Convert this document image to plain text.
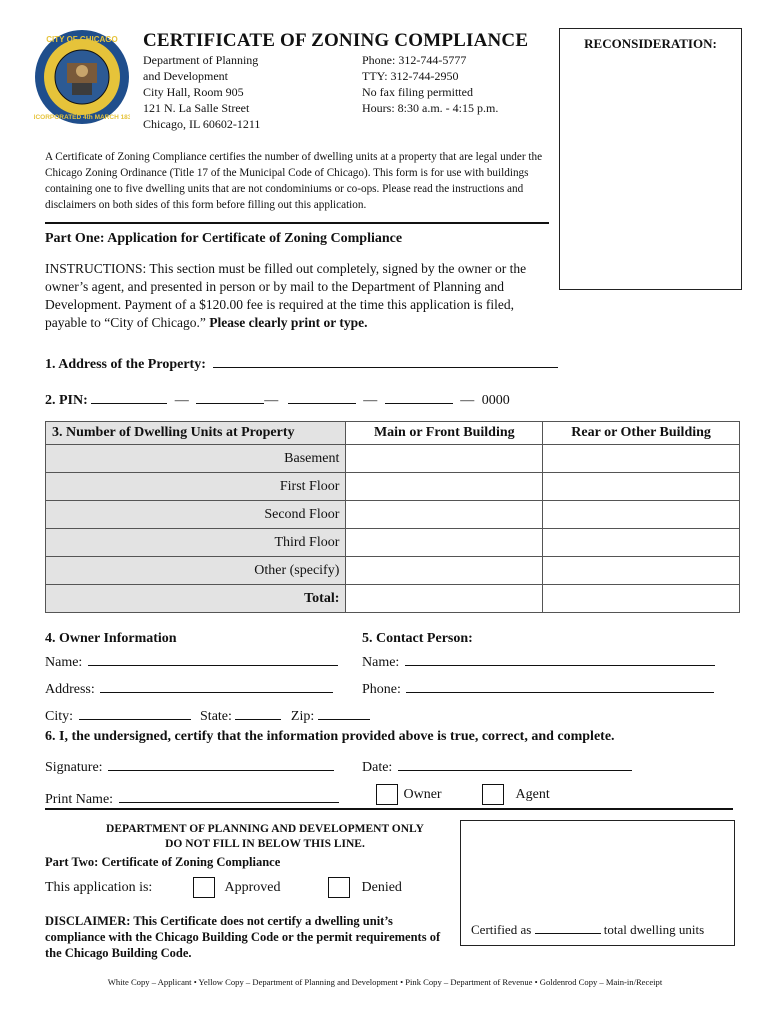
CITY OF CHICAGO
INCORPORATED 4th MARCH 1837
CERTIFICATE OF ZONING COMPLIANCE
Department of Planning
and Development
City Hall, Room 905
121 N. La Salle Street
Chicago, IL 60602-1211
Phone: 312-744-5777
TTY: 312-744-2950
No fax filing permitted
Hours: 8:30 a.m. - 4:15 p.m.
RECONSIDERATION:
A Certificate of Zoning Compliance certifies the number of dwelling units at a property that are legal under the Chicago Zoning Ordinance (Title 17 of the Municipal Code of Chicago). This form is for use with buildings containing one to five dwelling units that are not condominiums or co-ops. Please read the instructions and disclaimers on both sides of this form before filling out this application.
Part One: Application for Certificate of Zoning Compliance
INSTRUCTIONS: This section must be filled out completely, signed by the owner or the owner’s agent, and presented in person or by mail to the Department of Planning and Development. Payment of a $120.00 fee is required at the time this application is filed, payable to “City of Chicago.” Please clearly print or type.
1. Address of the Property:
2. PIN:	—	—	—	— 0000
3. Number of Dwelling Units at Property	Main or Front Building	Rear or Other Building
Basement		
First Floor		
Second Floor		
Third Floor		
Other (specify)		
Total:		
4. Owner Information
Name:
Address:
City:	State:	Zip:
5. Contact Person:
Name:
Phone:
6. I, the undersigned, certify that the information provided above is true, correct, and complete.
Signature:	Date:
Print Name:	Owner	Agent
DEPARTMENT OF PLANNING AND DEVELOPMENT ONLY
DO NOT FILL IN BELOW THIS LINE.
Part Two: Certificate of Zoning Compliance
This application is:	Approved	Denied
DISCLAIMER: This Certificate does not certify a dwelling unit’s compliance with the Chicago Building Code or the permit requirements of the Chicago Building Code.
Certified as	total dwelling units
White Copy – Applicant • Yellow Copy – Department of Planning and Development • Pink Copy – Department of Revenue • Goldenrod Copy – Main-in/Receipt
